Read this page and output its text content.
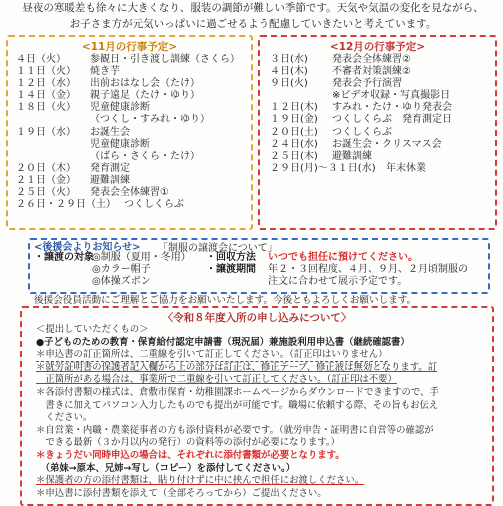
昼夜の寒暖差も徐々に大きくなり、服装の調節が難しい季節です。天気や気温の変化を見ながら、
お子さま方が元気いっぱいに過ごせるよう配慮していきたいと考えています。
<11月の行事予定>
４日（火） 参観日・引き渡し訓練（さくら）
１１日（火） 焼き芋
１２日（水） 出前おはなし会（たけ）
１４日（金） 親子遠足（たけ・ゆり）
１８日（火） 児童健康診断
（つくし・すみれ・ゆり）
１９日（水） お誕生会
児童健康診断
（ばら・さくら・たけ）
２０日（木） 発育測定
２１日（金） 避難訓練
２５日（火） 発表会全体練習①
２６日・２９日（土） つくしくらぶ
<12月の行事予定>
３日(水) 発表会全体練習②
４日(木) 不審者対策訓練②
９日(火) 発表会予行演習
※ビデオ収録・写真撮影日
１２日(木) すみれ・たけ・ゆり発表会
１９日(金) つくしくらぶ　発育測定日
２０日(土) つくしくらぶ
２４日(水) お誕生会・クリスマス会
２５日(木) 避難訓練
２９日(月)～３１日(水) 年末休業
<後援会よりお知らせ> 「制服の譲渡会について」
・譲渡の対象
◎制服（夏用・冬用）
◎カラー帽子
◎体操ズボン
・回収方法 いつでも担任に預けてください。
・譲渡期間 年２・３回程度、４月、９月、２月頃制服の
注文に合わせて展示予定です。
後援会役員活動にご理解とご協力をお願いいたします。今後ともよろしくお願いします。
〈令和８年度入所の申し込みについて〉
＜提出していただくもの＞
●子どものための教育・保育給付認定申請書（現況届）兼施設利用申込書（継続確認書）
＊申込書の訂正箇所は、二重線を引いて訂正してください。（訂正印はいりません）
＊就労証明書の保護者記入欄から上の部分は訂正は、修正テープ、修正液は無効となります。訂
　正箇所がある場合は、事業所で二重線を引いて訂正してください。（訂正印は不要）
＊各添付書類の様式は、倉敷市保育・幼稚園課ホームページからダウンロードできますので、手
　書きに加えてパソコン入力したものでも提出が可能です。職場に依頼する際、その旨もお伝え
　ください。
＊自営業・内職・農業従事者の方も添付資料が必要です。（就労申告・証明書に自営等の確認が
　できる最新（３か月以内の発行）の資料等の添付が必要になります。）
＊きょうだい同時申込の場合は、それぞれに添付書類が必要となります。
　（弟妹→原本、兄姉→写し（コピー）を添付してください。）
＊保護者の方の添付書類は、貼り付けずに中に挟んで担任にお渡しください。
＊申込書に添付書類を添えて（全部そろってから）ご提出ください。
